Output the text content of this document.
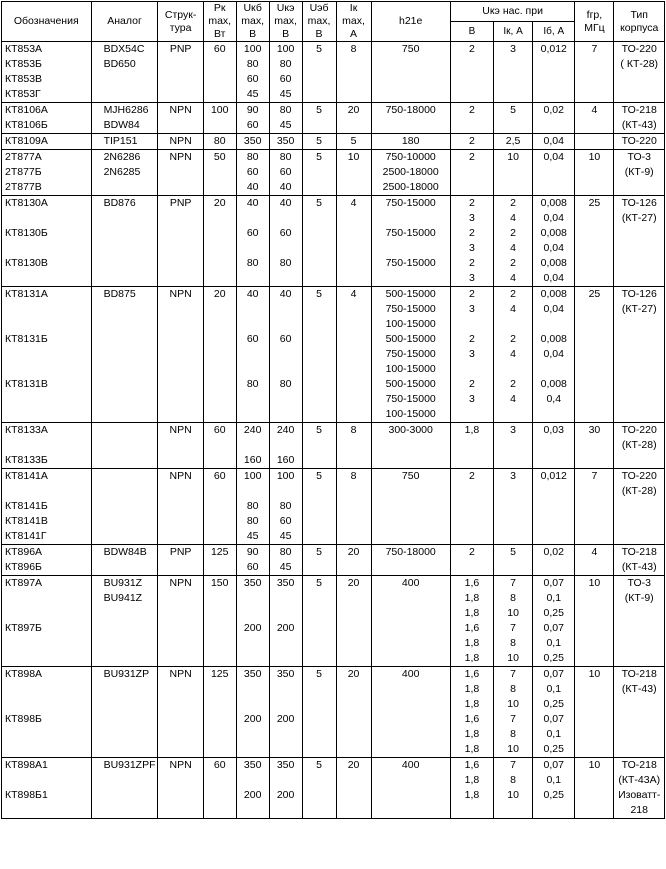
Обозначения	Аналог	Струк-тура	Рк max, Вт	Uкб max, В	Uкэ max, В	Uэб max, В	Iк max, А	h21e	Uкэ нас. при			fгр, МГц	Тип корпуса
									В	Iк, А	Iб, А		
КТ853А	BDX54C	PNP	60	100	100	5	8	750	2	3	0,012	7	ТО-220
КТ853Б	BD650			80	80								( КТ-28)
КТ853В				60	60								
КТ853Г				45	45								
КТ8106А	MJH6286	NPN	100	90	80	5	20	750-18000	2	5	0,02	4	ТО-218
КТ8106Б	BDW84			60	45								(КТ-43)
КТ8109А	TIP151	NPN	80	350	350	5	5	180	2	2,5	0,04		ТО-220

2Т877А	2N6286	NPN	50	80	80	5	10	750-10000	2	10	0,04	10	ТО-3
2Т877Б	2N6285			60	60			2500-18000					(КТ-9)
2Т877В				40	40			2500-18000					
КТ8130А	BD876	PNP	20	40	40	5	4	750-15000	2	2	0,008	25	ТО-126
									3	4	0,04		(КТ-27)
КТ8130Б				60	60			750-15000	2	2	0,008		
									3	4	0,04		
КТ8130В				80	80			750-15000	2	2	0,008		
									3	4	0,04		
КТ8131А	BD875	NPN	20	40	40	5	4	500-15000	2	2	0,008	25	ТО-126
								750-15000	3	4	0,04		(КТ-27)
								100-15000					
КТ8131Б				60	60			500-15000	2	2	0,008		
								750-15000	3	4	0,04		
								100-15000					
КТ8131В				80	80			500-15000	2	2	0,008		
								750-15000	3	4	0,4		
								100-15000					
КТ8133А		NPN	60	240	240	5	8	300-3000	1,8	3	0,03	30	ТО-220
													(КТ-28)
КТ8133Б				160	160								
КТ8141А		NPN	60	100	100	5	8	750	2	3	0,012	7	ТО-220
													(КТ-28)
КТ8141Б				80	80								
КТ8141В				80	60								
КТ8141Г				45	45								

КТ896А	BDW84B	PNP	125	90	80	5	20	750-18000	2	5	0,02	4	ТО-218
КТ896Б				60	45								(КТ-43)
КТ897А	BU931Z	NPN	150	350	350	5	20	400	1,6	7	0,07	10	ТО-3
	BU941Z								1,8	8	0,1		(КТ-9)
									1,8	10	0,25		
КТ897Б				200	200				1,6	7	0,07		
									1,8	8	0,1		
									1,8	10	0,25		
КТ898А	BU931ZP	NPN	125	350	350	5	20	400	1,6	7	0,07	10	ТО-218
									1,8	8	0,1		(КТ-43)
									1,8	10	0,25		
КТ898Б				200	200				1,6	7	0,07		
									1,8	8	0,1		
									1,8	10	0,25		
КТ898А1	BU931ZPF	NPN	60	350	350	5	20	400	1,6	7	0,07	10	ТО-218
									1,8	8	0,1		(КТ-43А)
КТ898Б1				200	200				1,8	10	0,25		Изоватт-
													218
